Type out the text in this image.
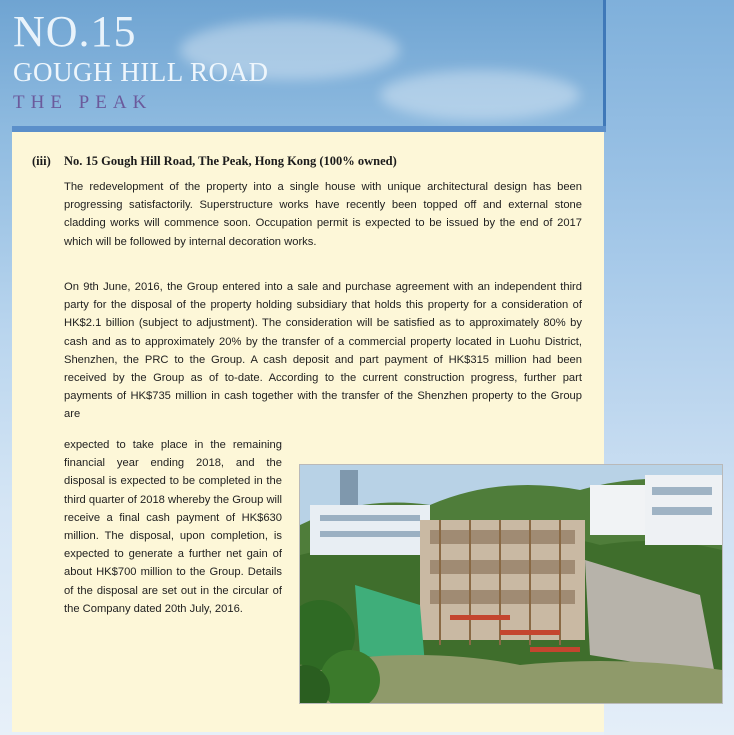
NO.15
GOUGH HILL ROAD
THE PEAK
(iii) No. 15 Gough Hill Road, The Peak, Hong Kong (100% owned)
The redevelopment of the property into a single house with unique architectural design has been progressing satisfactorily. Superstructure works have recently been topped off and external stone cladding works will commence soon. Occupation permit is expected to be issued by the end of 2017 which will be followed by internal decoration works.
On 9th June, 2016, the Group entered into a sale and purchase agreement with an independent third party for the disposal of the property holding subsidiary that holds this property for a consideration of HK$2.1 billion (subject to adjustment). The consideration will be satisfied as to approximately 80% by cash and as to approximately 20% by the transfer of a commercial property located in Luohu District, Shenzhen, the PRC to the Group. A cash deposit and part payment of HK$315 million had been received by the Group as of to-date. According to the current construction progress, further part payments of HK$735 million in cash together with the transfer of the Shenzhen property to the Group are
expected to take place in the remaining financial year ending 2018, and the disposal is expected to be completed in the third quarter of 2018 whereby the Group will receive a final cash payment of HK$630 million. The disposal, upon completion, is expected to generate a further net gain of about HK$700 million to the Group. Details of the disposal are set out in the circular of the Company dated 20th July, 2016.
